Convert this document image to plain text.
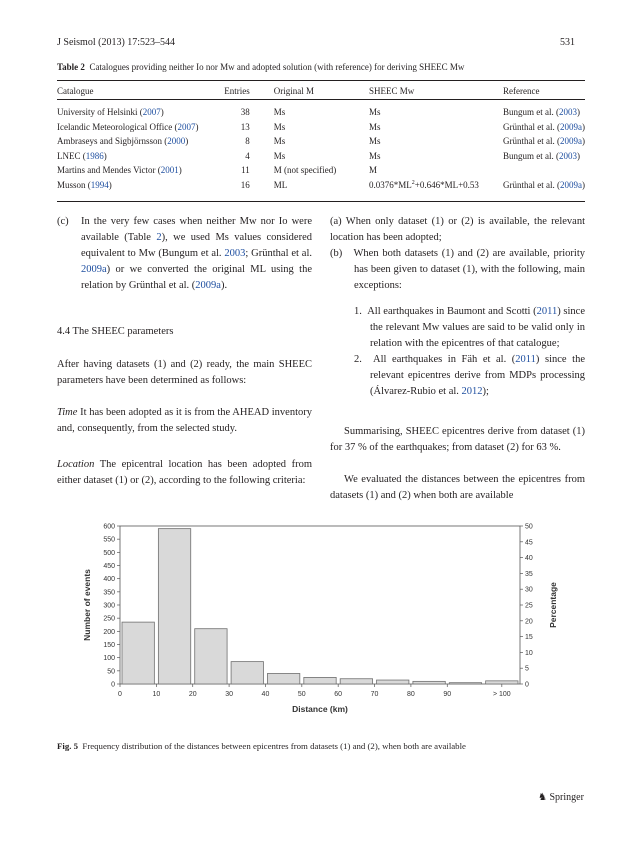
J Seismol (2013) 17:523–544	531
Table 2 Catalogues providing neither Io nor Mw and adopted solution (with reference) for deriving SHEEC Mw
Catalogue	Entries	Original M	SHEEC Mw	Reference
University of Helsinki (2007)	38	Ms	Ms	Bungum et al. (2003)
Icelandic Meteorological Office (2007)	13	Ms	Ms	Grünthal et al. (2009a)
Ambraseys and Sigbjörnsson (2000)	8	Ms	Ms	Grünthal et al. (2009a)
LNEC (1986)	4	Ms	Ms	Bungum et al. (2003)
Martins and Mendes Victor (2001)	11	M (not specified)	M	
Musson (1994)	16	ML	$0.0376*ML^2+0.646*ML+0.53$	Grünthal et al. (2009a)
(c) In the very few cases when neither Mw nor Io were available (Table 2), we used Ms values considered equivalent to Mw (Bungum et al. 2003; Grünthal et al. 2009a) or we converted the original ML using the relation by Grünthal et al. (2009a).
4.4 The SHEEC parameters
After having datasets (1) and (2) ready, the main SHEEC parameters have been determined as follows:
Time It has been adopted as it is from the AHEAD inventory and, consequently, from the selected study.
Location The epicentral location has been adopted from either dataset (1) or (2), according to the following criteria:
(a) When only dataset (1) or (2) is available, the relevant location has been adopted;
(b) When both datasets (1) and (2) are available, priority has been given to dataset (1), with the following, main exceptions:
1. All earthquakes in Baumont and Scotti (2011) since the relevant Mw values are said to be valid only in relation with the epicentres of that catalogue;
2. All earthquakes in Fäh et al. (2011) since the relevant epicentres derive from MDPs processing (Álvarez-Rubio et al. 2012);
Summarising, SHEEC epicentres derive from dataset (1) for 37 % of the earthquakes; from dataset (2) for 63 %.
We evaluated the distances between the epicentres from datasets (1) and (2) when both are available
0
50
100
150
200
250
300
350
400
450
500
550
600
0
5
10
15
20
25
30
35
40
45
50
0	10	20	30	40	50	60	70	80	90	> 100
Distance (km)
Number of events	Percentage
Fig. 5 Frequency distribution of the distances between epicentres from datasets (1) and (2), when both are available
♞ Springer
